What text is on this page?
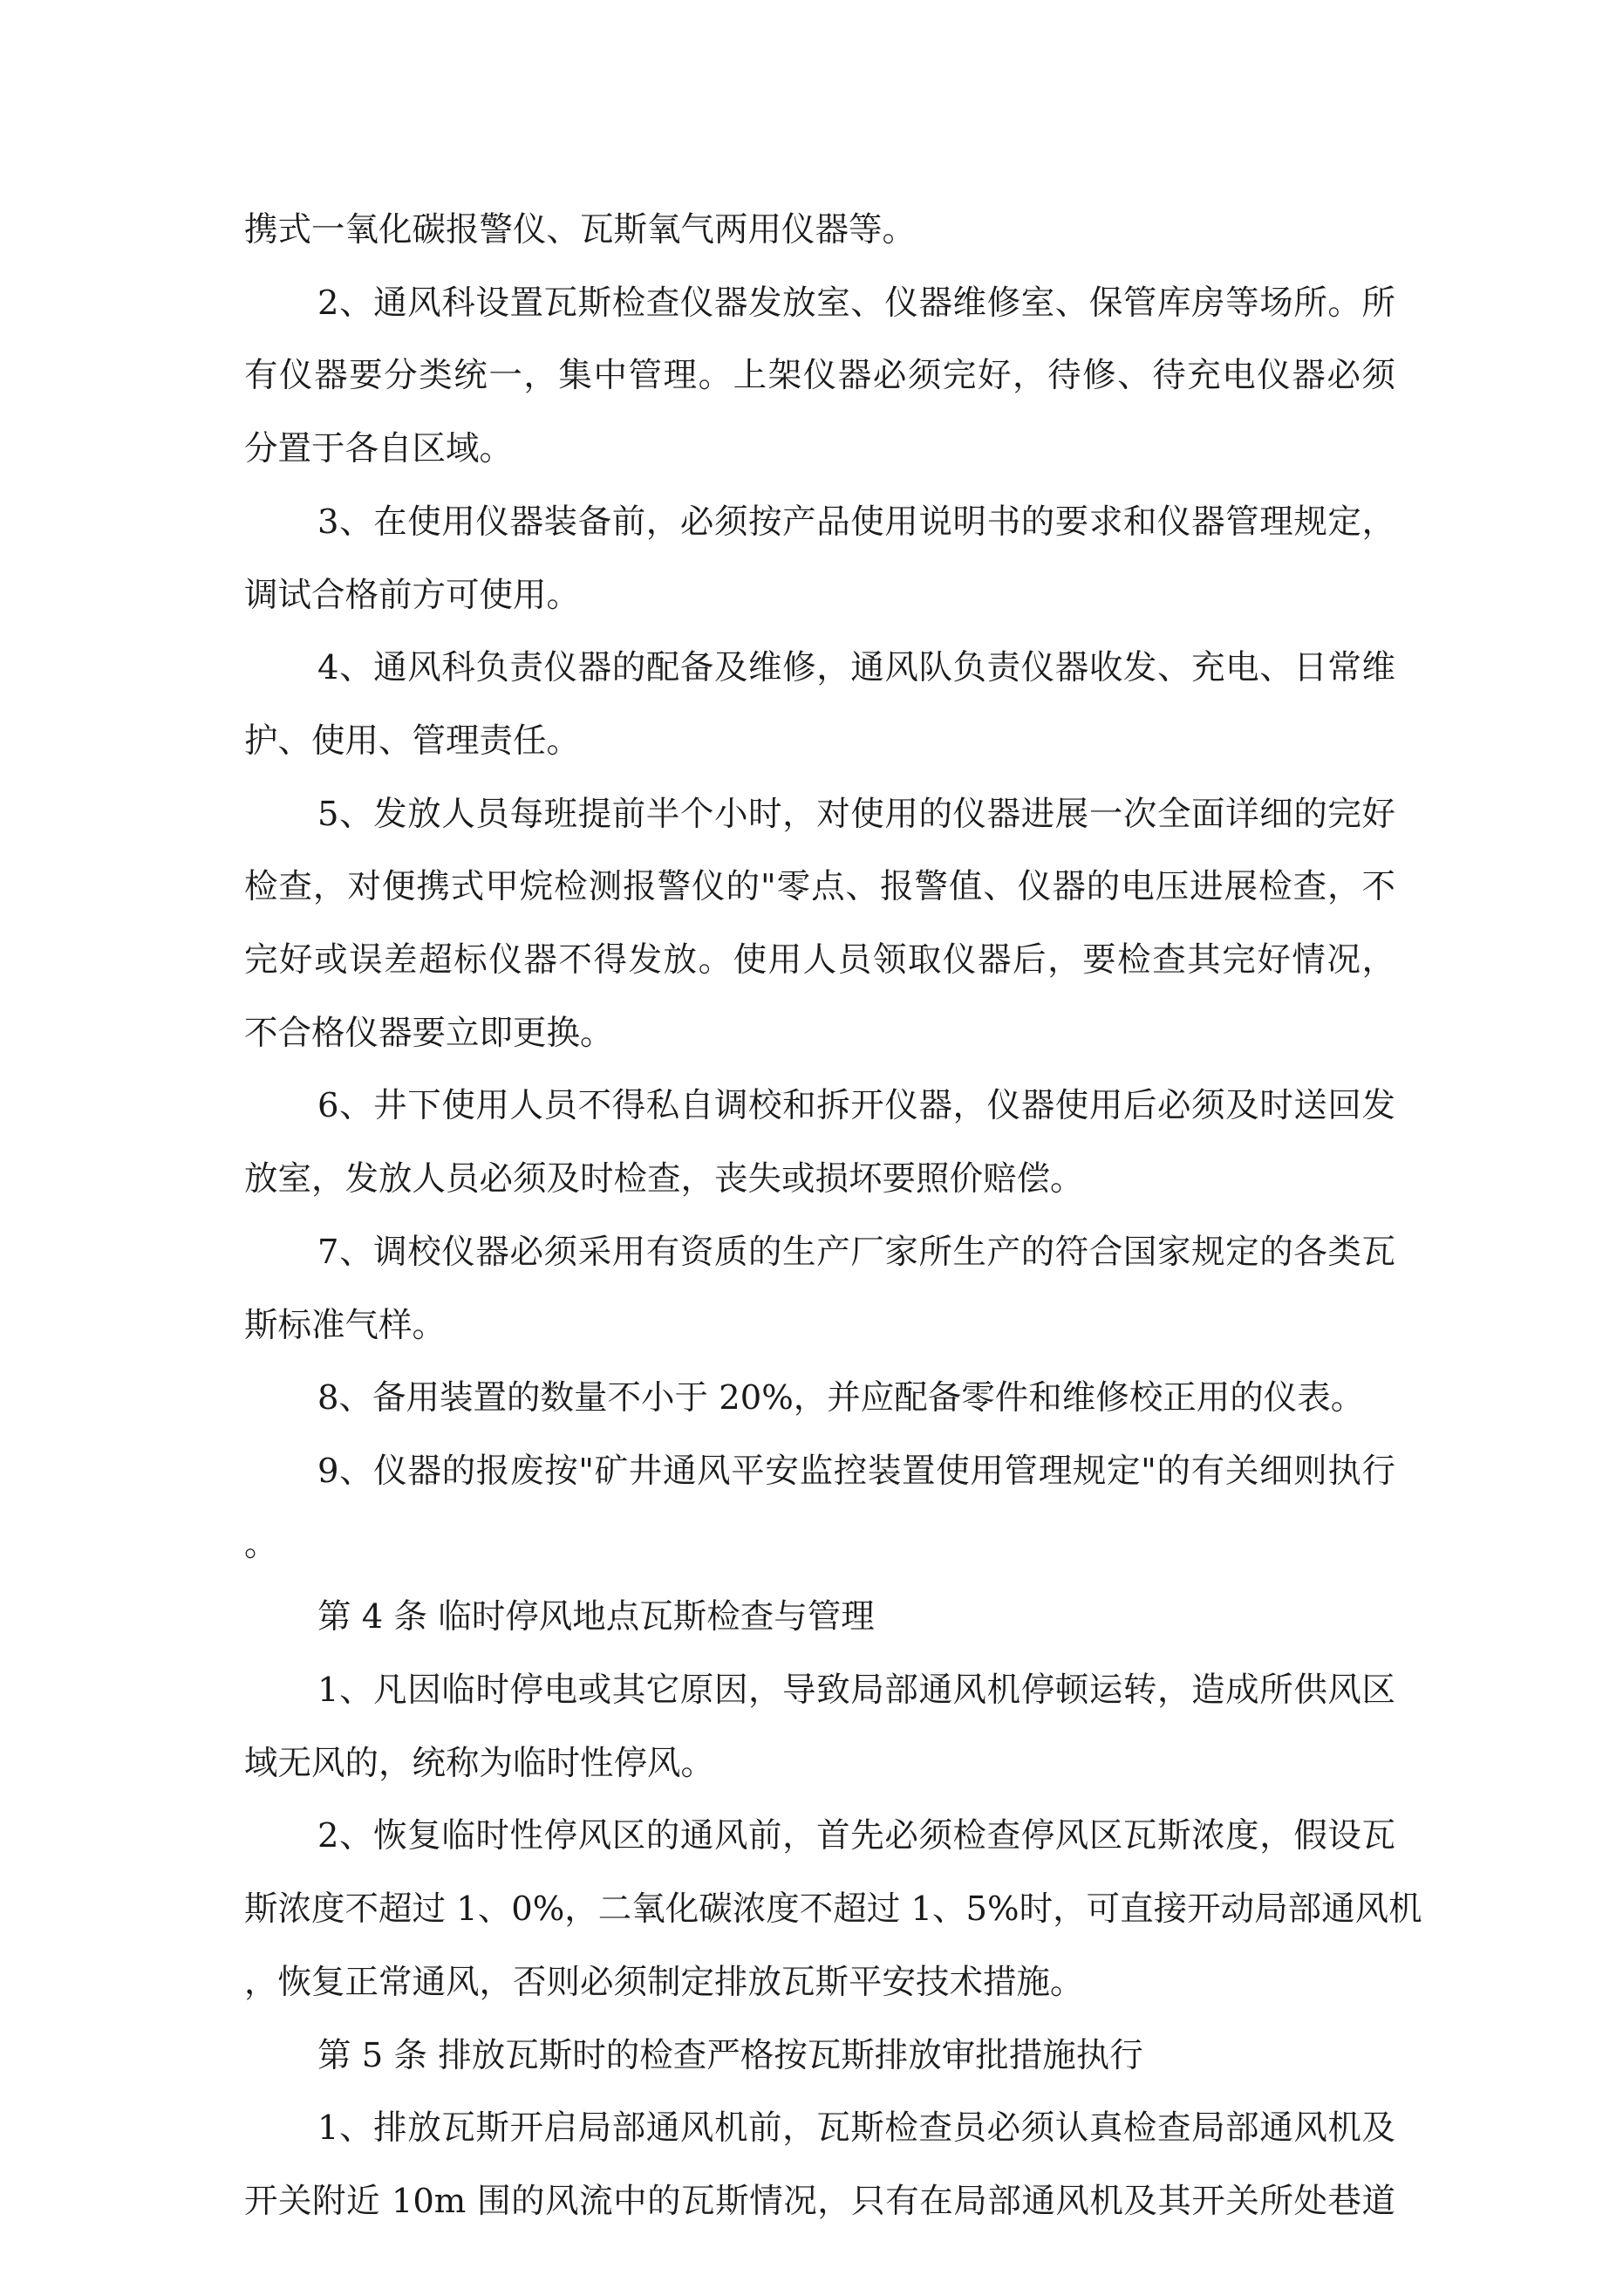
携式一氧化碳报警仪、瓦斯氧气两用仪器等。
2、通风科设置瓦斯检查仪器发放室、仪器维修室、保管库房等场所。所
有仪器要分类统一，集中管理。上架仪器必须完好，待修、待充电仪器必须
分置于各自区域。
3、在使用仪器装备前，必须按产品使用说明书的要求和仪器管理规定，
调试合格前方可使用。
4、通风科负责仪器的配备及维修，通风队负责仪器收发、充电、日常维
护、使用、管理责任。
5、发放人员每班提前半个小时，对使用的仪器进展一次全面详细的完好
检查，对便携式甲烷检测报警仪的"零点、报警值、仪器的电压进展检查，不
完好或误差超标仪器不得发放。使用人员领取仪器后，要检查其完好情况，
不合格仪器要立即更换。
6、井下使用人员不得私自调校和拆开仪器，仪器使用后必须及时送回发
放室，发放人员必须及时检查，丧失或损坏要照价赔偿。
7、调校仪器必须采用有资质的生产厂家所生产的符合国家规定的各类瓦
斯标准气样。
8、备用装置的数量不小于 20%，并应配备零件和维修校正用的仪表。
9、仪器的报废按"矿井通风平安监控装置使用管理规定"的有关细则执行
。
第 4 条 临时停风地点瓦斯检查与管理
1、凡因临时停电或其它原因，导致局部通风机停顿运转，造成所供风区
域无风的，统称为临时性停风。
2、恢复临时性停风区的通风前，首先必须检查停风区瓦斯浓度，假设瓦
斯浓度不超过 1、0%，二氧化碳浓度不超过 1、5%时，可直接开动局部通风机
，恢复正常通风，否则必须制定排放瓦斯平安技术措施。
第 5 条 排放瓦斯时的检查严格按瓦斯排放审批措施执行
1、排放瓦斯开启局部通风机前，瓦斯检查员必须认真检查局部通风机及
开关附近 10m 围的风流中的瓦斯情况，只有在局部通风机及其开关所处巷道
